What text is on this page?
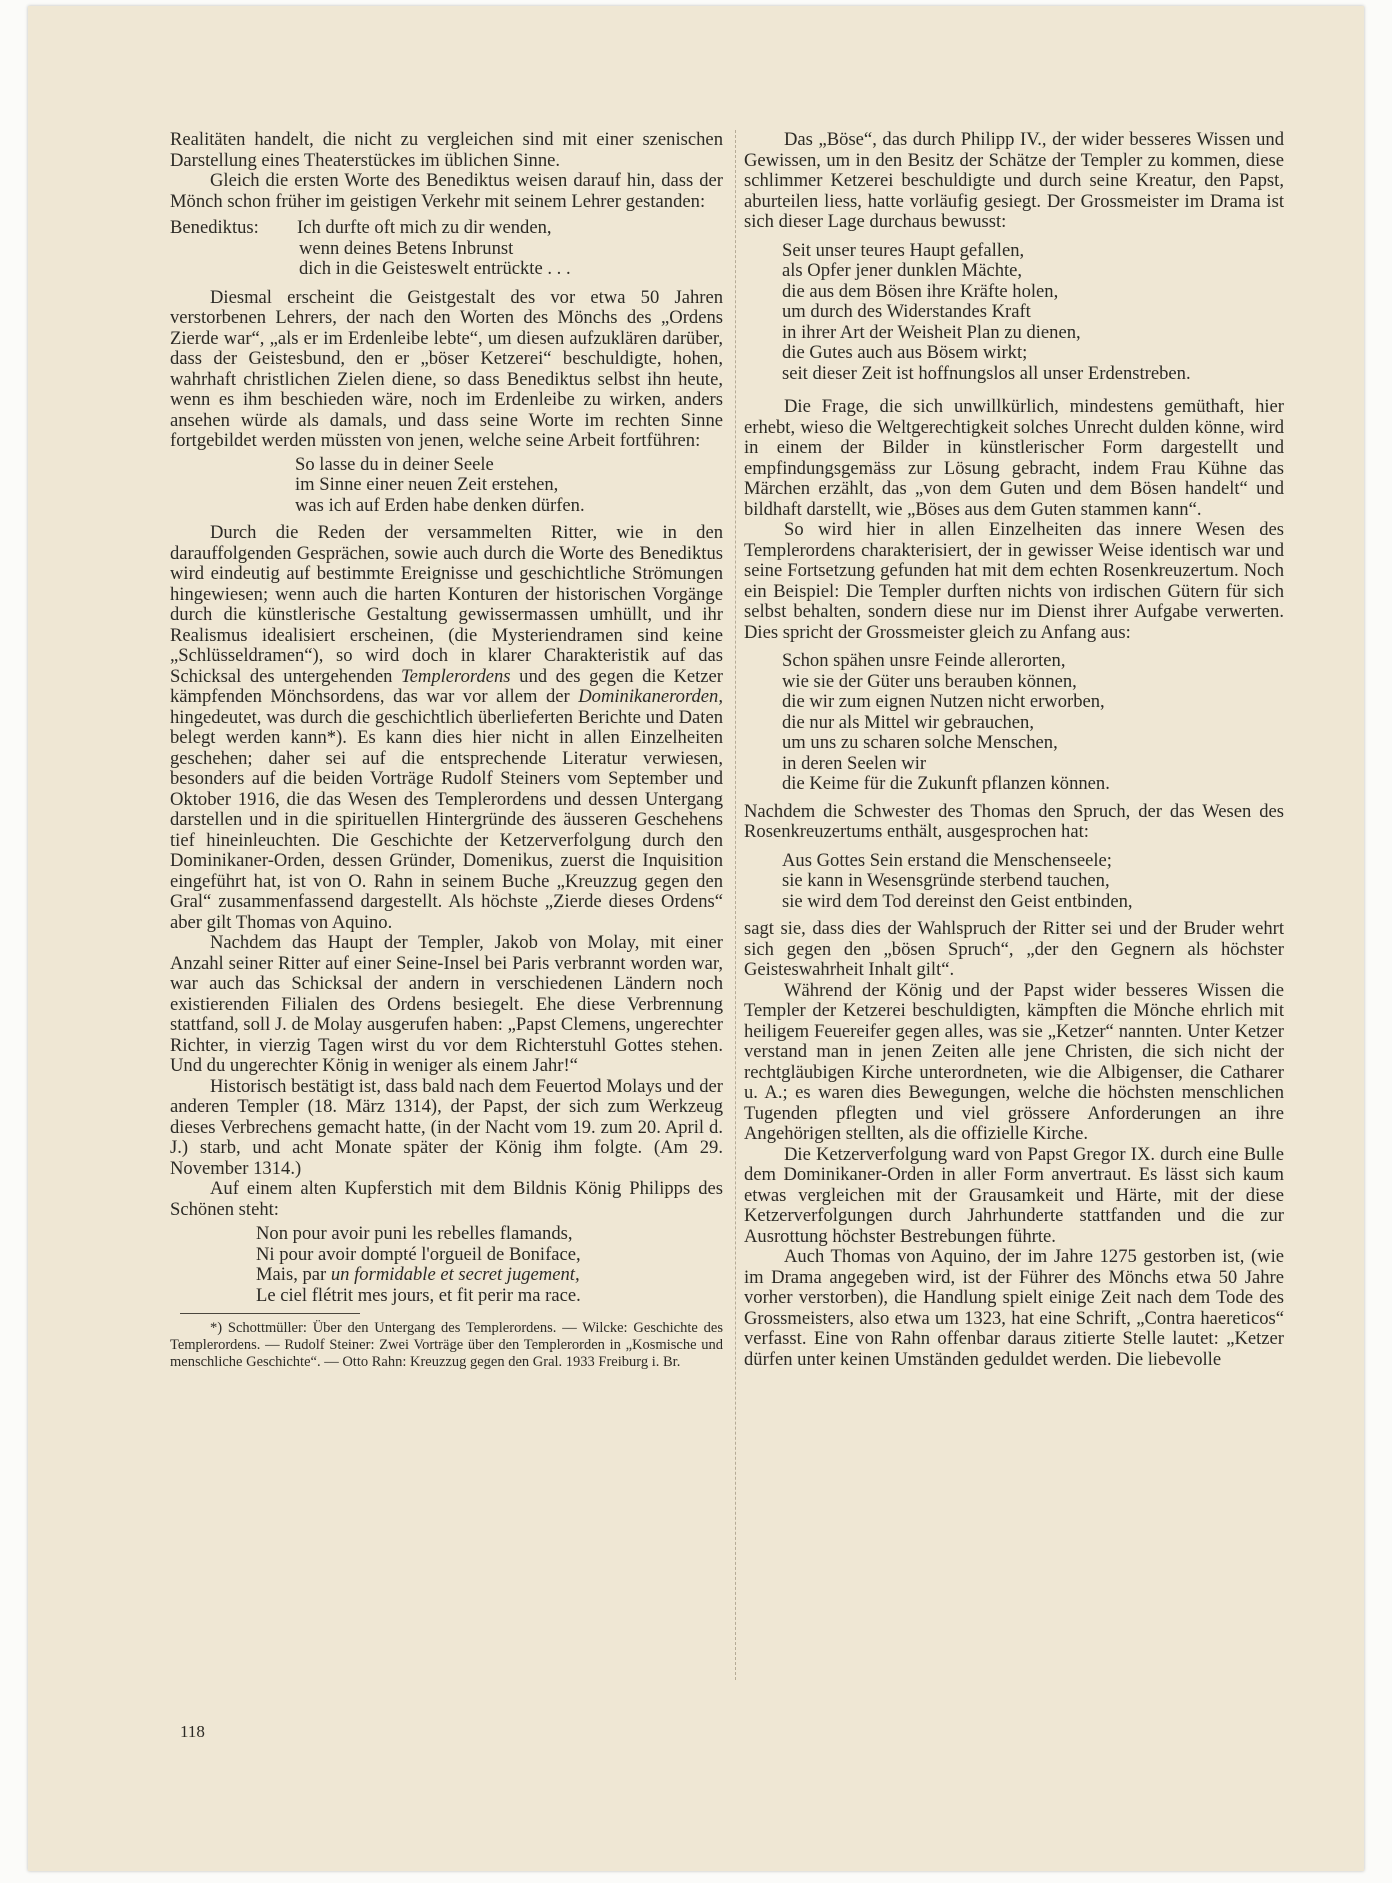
Realitäten handelt, die nicht zu vergleichen sind mit einer szenischen Darstellung eines Theaterstückes im üblichen Sinne.

Gleich die ersten Worte des Benediktus weisen darauf hin, dass der Mönch schon früher im geistigen Verkehr mit seinem Lehrer gestanden:

Benediktus:	Ich durfte oft mich zu dir wenden,
wenn deines Betens Inbrunst
dich in die Geisteswelt entrückte . . .

Diesmal erscheint die Geistgestalt des vor etwa 50 Jahren verstorbenen Lehrers, der nach den Worten des Mönchs des „Ordens Zierde war“, „als er im Erdenleibe lebte“, um diesen aufzuklären darüber, dass der Geistesbund, den er „böser Ketzerei“ beschuldigte, hohen, wahrhaft christlichen Zielen diene, so dass Benediktus selbst ihn heute, wenn es ihm beschieden wäre, noch im Erdenleibe zu wirken, anders ansehen würde als damals, und dass seine Worte im rechten Sinne fortgebildet werden müssten von jenen, welche seine Arbeit fortführen:

So lasse du in deiner Seele
im Sinne einer neuen Zeit erstehen,
was ich auf Erden habe denken dürfen.

Durch die Reden der versammelten Ritter, wie in den darauffolgenden Gesprächen, sowie auch durch die Worte des Benediktus wird eindeutig auf bestimmte Ereignisse und geschichtliche Strömungen hingewiesen; wenn auch die harten Konturen der historischen Vorgänge durch die künstlerische Gestaltung gewissermassen umhüllt, und ihr Realismus idealisiert erscheinen, (die Mysteriendramen sind keine „Schlüsseldramen“), so wird doch in klarer Charakteristik auf das Schicksal des untergehenden Templerordens und des gegen die Ketzer kämpfenden Mönchsordens, das war vor allem der Dominikanerorden, hingedeutet, was durch die geschichtlich überlieferten Berichte und Daten belegt werden kann*). Es kann dies hier nicht in allen Einzelheiten geschehen; daher sei auf die entsprechende Literatur verwiesen, besonders auf die beiden Vorträge Rudolf Steiners vom September und Oktober 1916, die das Wesen des Templerordens und dessen Untergang darstellen und in die spirituellen Hintergründe des äusseren Geschehens tief hineinleuchten. Die Geschichte der Ketzerverfolgung durch den Dominikaner-Orden, dessen Gründer, Domenikus, zuerst die Inquisition eingeführt hat, ist von O. Rahn in seinem Buche „Kreuzzug gegen den Gral“ zusammenfassend dargestellt. Als höchste „Zierde dieses Ordens“ aber gilt Thomas von Aquino.

Nachdem das Haupt der Templer, Jakob von Molay, mit einer Anzahl seiner Ritter auf einer Seine-Insel bei Paris verbrannt worden war, war auch das Schicksal der andern in verschiedenen Ländern noch existierenden Filialen des Ordens besiegelt. Ehe diese Verbrennung stattfand, soll J. de Molay ausgerufen haben: „Papst Clemens, ungerechter Richter, in vierzig Tagen wirst du vor dem Richterstuhl Gottes stehen. Und du ungerechter König in weniger als einem Jahr!“

Historisch bestätigt ist, dass bald nach dem Feuertod Molays und der anderen Templer (18. März 1314), der Papst, der sich zum Werkzeug dieses Verbrechens gemacht hatte, (in der Nacht vom 19. zum 20. April d. J.) starb, und acht Monate später der König ihm folgte. (Am 29. November 1314.)

Auf einem alten Kupferstich mit dem Bildnis König Philipps des Schönen steht:

Non pour avoir puni les rebelles flamands,
Ni pour avoir dompté l'orgueil de Boniface,
Mais, par un formidable et secret jugement,
Le ciel flétrit mes jours, et fit perir ma race.

*) Schottmüller: Über den Untergang des Templerordens. — Wilcke: Geschichte des Templerordens. — Rudolf Steiner: Zwei Vorträge über den Templerorden in „Kosmische und menschliche Geschichte“. — Otto Rahn: Kreuzzug gegen den Gral. 1933 Freiburg i. Br.

Das „Böse“, das durch Philipp IV., der wider besseres Wissen und Gewissen, um in den Besitz der Schätze der Templer zu kommen, diese schlimmer Ketzerei beschuldigte und durch seine Kreatur, den Papst, aburteilen liess, hatte vorläufig gesiegt. Der Grossmeister im Drama ist sich dieser Lage durchaus bewusst:

Seit unser teures Haupt gefallen,
als Opfer jener dunklen Mächte,
die aus dem Bösen ihre Kräfte holen,
um durch des Widerstandes Kraft
in ihrer Art der Weisheit Plan zu dienen,
die Gutes auch aus Bösem wirkt;
seit dieser Zeit ist hoffnungslos all unser Erdenstreben.

Die Frage, die sich unwillkürlich, mindestens gemüthaft, hier erhebt, wieso die Weltgerechtigkeit solches Unrecht dulden könne, wird in einem der Bilder in künstlerischer Form dargestellt und empfindungsgemäss zur Lösung gebracht, indem Frau Kühne das Märchen erzählt, das „von dem Guten und dem Bösen handelt“ und bildhaft darstellt, wie „Böses aus dem Guten stammen kann“.

So wird hier in allen Einzelheiten das innere Wesen des Templerordens charakterisiert, der in gewisser Weise identisch war und seine Fortsetzung gefunden hat mit dem echten Rosenkreuzertum. Noch ein Beispiel: Die Templer durften nichts von irdischen Gütern für sich selbst behalten, sondern diese nur im Dienst ihrer Aufgabe verwerten. Dies spricht der Grossmeister gleich zu Anfang aus:

Schon spähen unsre Feinde allerorten,
wie sie der Güter uns berauben können,
die wir zum eignen Nutzen nicht erworben,
die nur als Mittel wir gebrauchen,
um uns zu scharen solche Menschen,
in deren Seelen wir
die Keime für die Zukunft pflanzen können.

Nachdem die Schwester des Thomas den Spruch, der das Wesen des Rosenkreuzertums enthält, ausgesprochen hat:

Aus Gottes Sein erstand die Menschenseele;
sie kann in Wesensgründe sterbend tauchen,
sie wird dem Tod dereinst den Geist entbinden,

sagt sie, dass dies der Wahlspruch der Ritter sei und der Bruder wehrt sich gegen den „bösen Spruch“, „der den Gegnern als höchster Geisteswahrheit Inhalt gilt“.

Während der König und der Papst wider besseres Wissen die Templer der Ketzerei beschuldigten, kämpften die Mönche ehrlich mit heiligem Feuereifer gegen alles, was sie „Ketzer“ nannten. Unter Ketzer verstand man in jenen Zeiten alle jene Christen, die sich nicht der rechtgläubigen Kirche unterordneten, wie die Albigenser, die Catharer u. A.; es waren dies Bewegungen, welche die höchsten menschlichen Tugenden pflegten und viel grössere Anforderungen an ihre Angehörigen stellten, als die offizielle Kirche.

Die Ketzerverfolgung ward von Papst Gregor IX. durch eine Bulle dem Dominikaner-Orden in aller Form anvertraut. Es lässt sich kaum etwas vergleichen mit der Grausamkeit und Härte, mit der diese Ketzerverfolgungen durch Jahrhunderte stattfanden und die zur Ausrottung höchster Bestrebungen führte.

Auch Thomas von Aquino, der im Jahre 1275 gestorben ist, (wie im Drama angegeben wird, ist der Führer des Mönchs etwa 50 Jahre vorher verstorben), die Handlung spielt einige Zeit nach dem Tode des Grossmeisters, also etwa um 1323, hat eine Schrift, „Contra haereticos“ verfasst. Eine von Rahn offenbar daraus zitierte Stelle lautet: „Ketzer dürfen unter keinen Umständen geduldet werden. Die liebevolle

118
